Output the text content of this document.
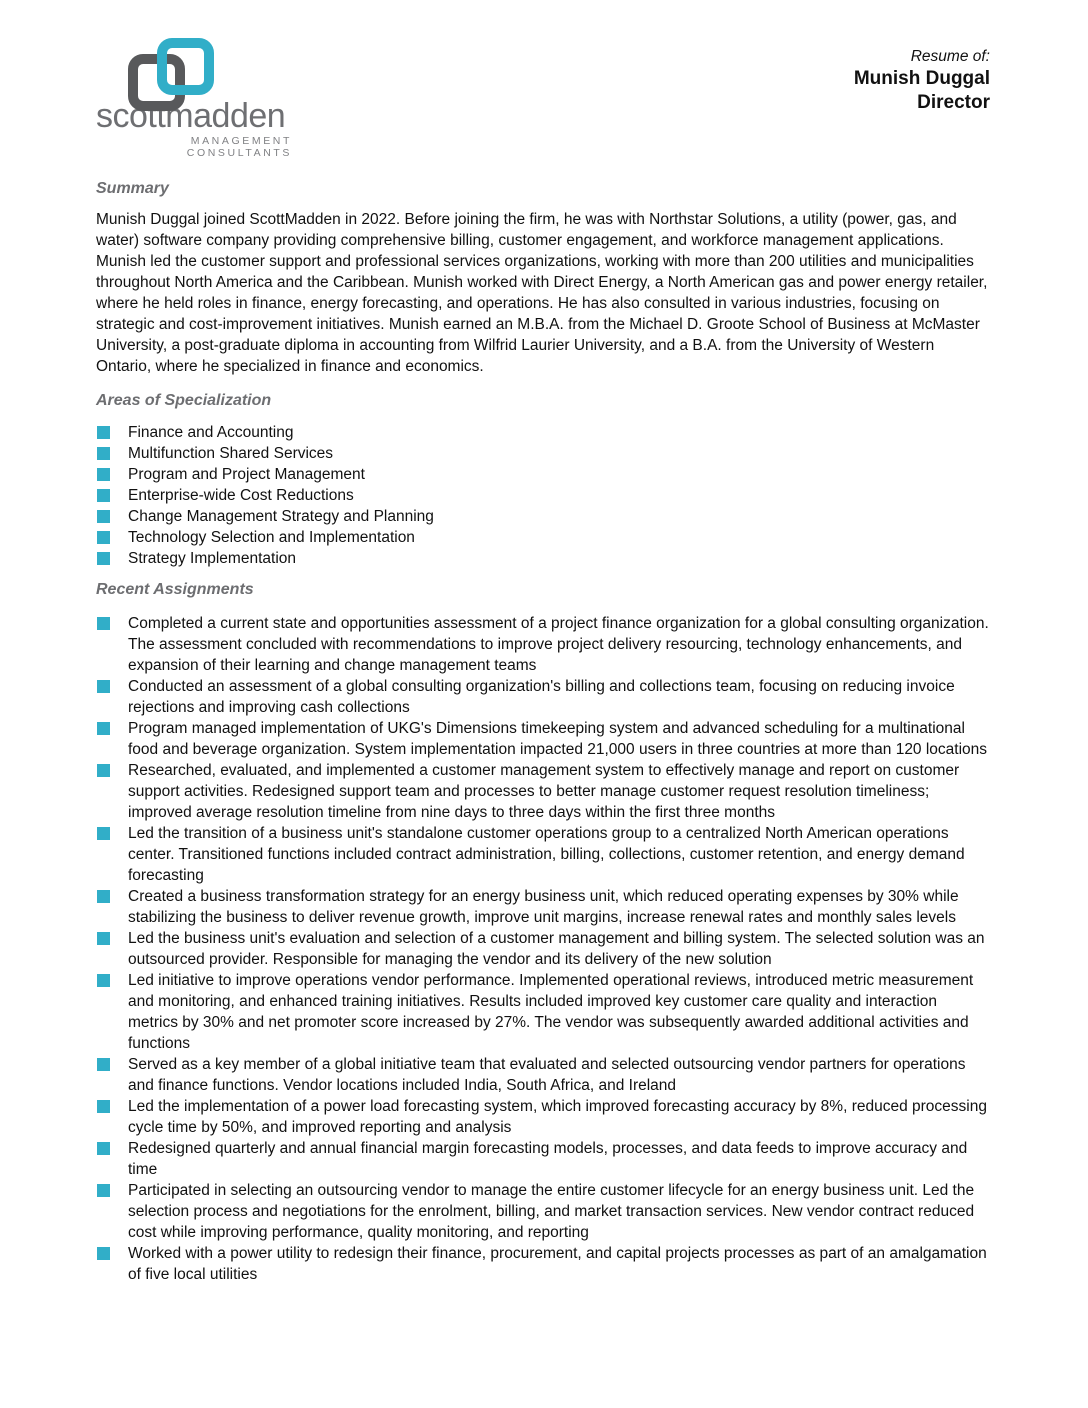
scottmadden
MANAGEMENT CONSULTANTS
Resume of:
Munish Duggal
Director
Summary

Munish Duggal joined ScottMadden in 2022. Before joining the firm, he was with Northstar Solutions, a utility (power, gas, and water) software company providing comprehensive billing, customer engagement, and workforce management applications. Munish led the customer support and professional services organizations, working with more than 200 utilities and municipalities throughout North America and the Caribbean. Munish worked with Direct Energy, a North American gas and power energy retailer, where he held roles in finance, energy forecasting, and operations. He has also consulted in various industries, focusing on strategic and cost-improvement initiatives. Munish earned an M.B.A. from the Michael D. Groote School of Business at McMaster University, a post-graduate diploma in accounting from Wilfrid Laurier University, and a B.A. from the University of Western Ontario, where he specialized in finance and economics.

Areas of Specialization
Finance and Accounting
Multifunction Shared Services
Program and Project Management
Enterprise-wide Cost Reductions
Change Management Strategy and Planning
Technology Selection and Implementation
Strategy Implementation
Recent Assignments
Completed a current state and opportunities assessment of a project finance organization for a global consulting organization. The assessment concluded with recommendations to improve project delivery resourcing, technology enhancements, and expansion of their learning and change management teams
Conducted an assessment of a global consulting organization's billing and collections team, focusing on reducing invoice rejections and improving cash collections
Program managed implementation of UKG's Dimensions timekeeping system and advanced scheduling for a multinational food and beverage organization. System implementation impacted 21,000 users in three countries at more than 120 locations
Researched, evaluated, and implemented a customer management system to effectively manage and report on customer support activities. Redesigned support team and processes to better manage customer request resolution timeliness; improved average resolution timeline from nine days to three days within the first three months
Led the transition of a business unit's standalone customer operations group to a centralized North American operations center. Transitioned functions included contract administration, billing, collections, customer retention, and energy demand forecasting
Created a business transformation strategy for an energy business unit, which reduced operating expenses by 30% while stabilizing the business to deliver revenue growth, improve unit margins, increase renewal rates and monthly sales levels
Led the business unit's evaluation and selection of a customer management and billing system. The selected solution was an outsourced provider. Responsible for managing the vendor and its delivery of the new solution
Led initiative to improve operations vendor performance. Implemented operational reviews, introduced metric measurement and monitoring, and enhanced training initiatives. Results included improved key customer care quality and interaction metrics by 30% and net promoter score increased by 27%. The vendor was subsequently awarded additional activities and functions
Served as a key member of a global initiative team that evaluated and selected outsourcing vendor partners for operations and finance functions. Vendor locations included India, South Africa, and Ireland
Led the implementation of a power load forecasting system, which improved forecasting accuracy by 8%, reduced processing cycle time by 50%, and improved reporting and analysis
Redesigned quarterly and annual financial margin forecasting models, processes, and data feeds to improve accuracy and time
Participated in selecting an outsourcing vendor to manage the entire customer lifecycle for an energy business unit. Led the selection process and negotiations for the enrolment, billing, and market transaction services. New vendor contract reduced cost while improving performance, quality monitoring, and reporting
Worked with a power utility to redesign their finance, procurement, and capital projects processes as part of an amalgamation of five local utilities
